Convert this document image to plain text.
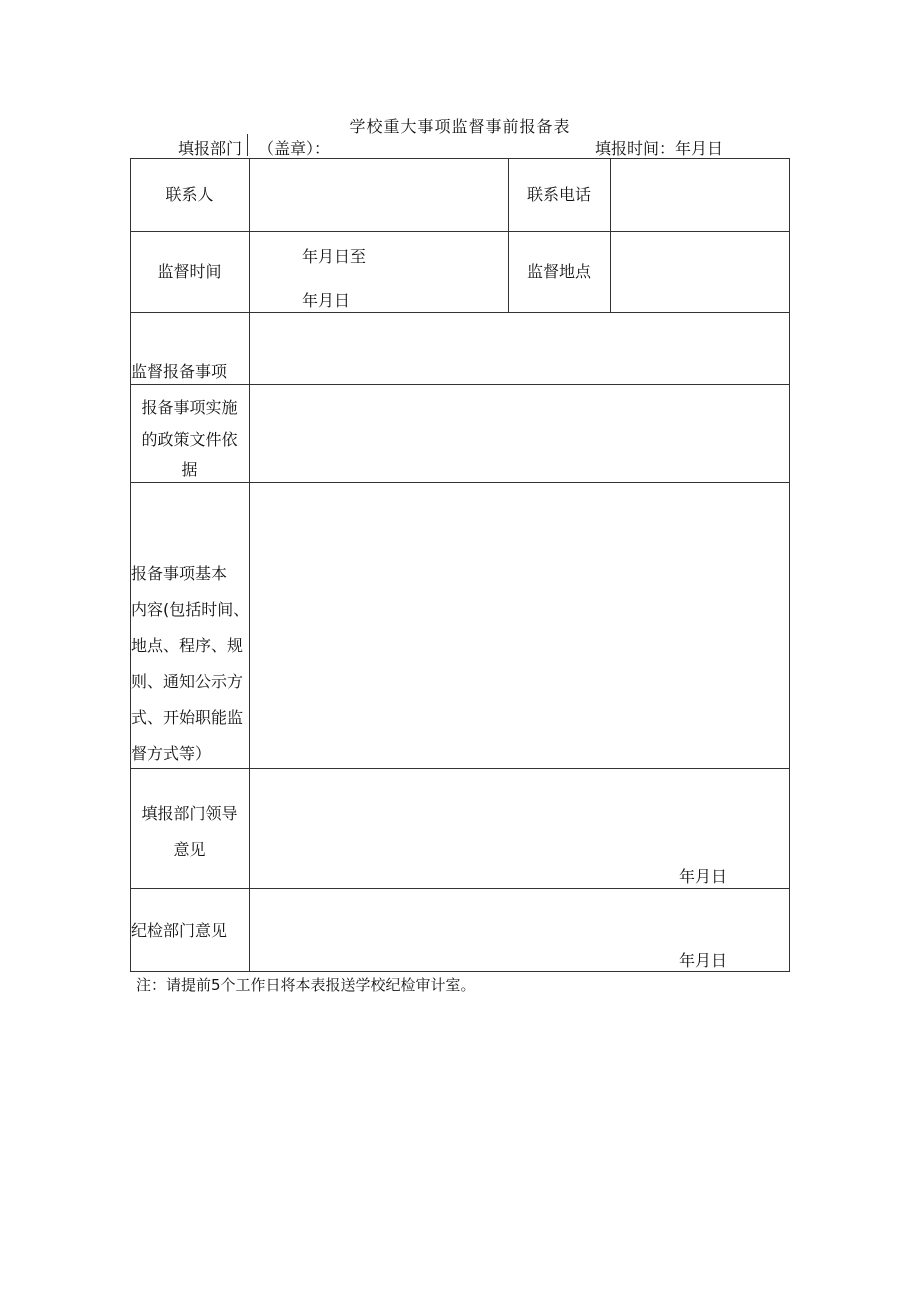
学校重大事项监督事前报备表
填报部门 （盖章）：	填报时间：年月日
联系人	联系电话
监督时间
年月日至
年月日
监督地点
监督报备事项
报备事项实施
的政策文件依
据
报备事项基本
内容(包括时间、
地点、程序、规
则、通知公示方
式、开始职能监
督方式等）
填报部门领导
意见
年月日
纪检部门意见
年月日
注：请提前5个工作日将本表报送学校纪检审计室。
